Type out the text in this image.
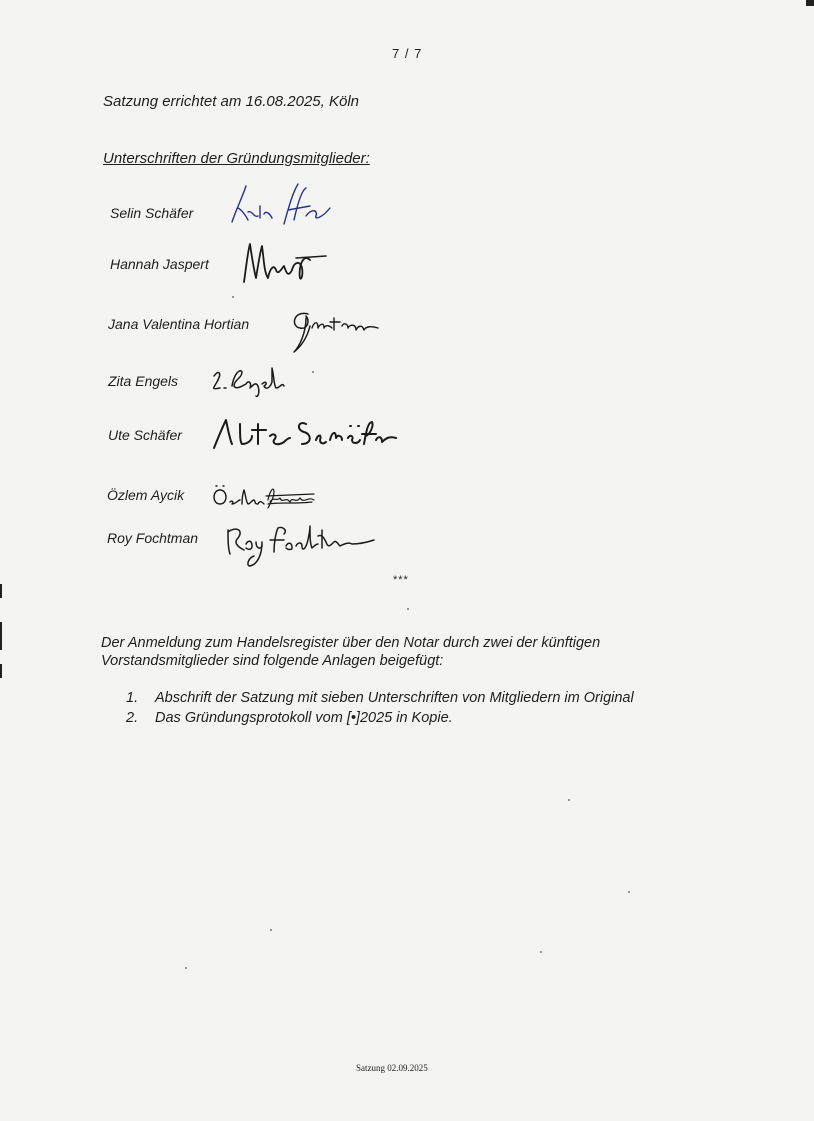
7 / 7
Satzung errichtet am 16.08.2025, Köln
Unterschriften der Gründungsmitglieder:
Selin Schäfer
Hannah Jaspert
Jana Valentina Hortian
Zita Engels
Ute Schäfer
Özlem Aycik
Roy Fochtman
***
Der Anmeldung zum Handelsregister über den Notar durch zwei der künftigen Vorstandsmitglieder sind folgende Anlagen beigefügt:
1. Abschrift der Satzung mit sieben Unterschriften von Mitgliedern im Original
2. Das Gründungsprotokoll vom [•]2025 in Kopie.
Satzung 02.09.2025
